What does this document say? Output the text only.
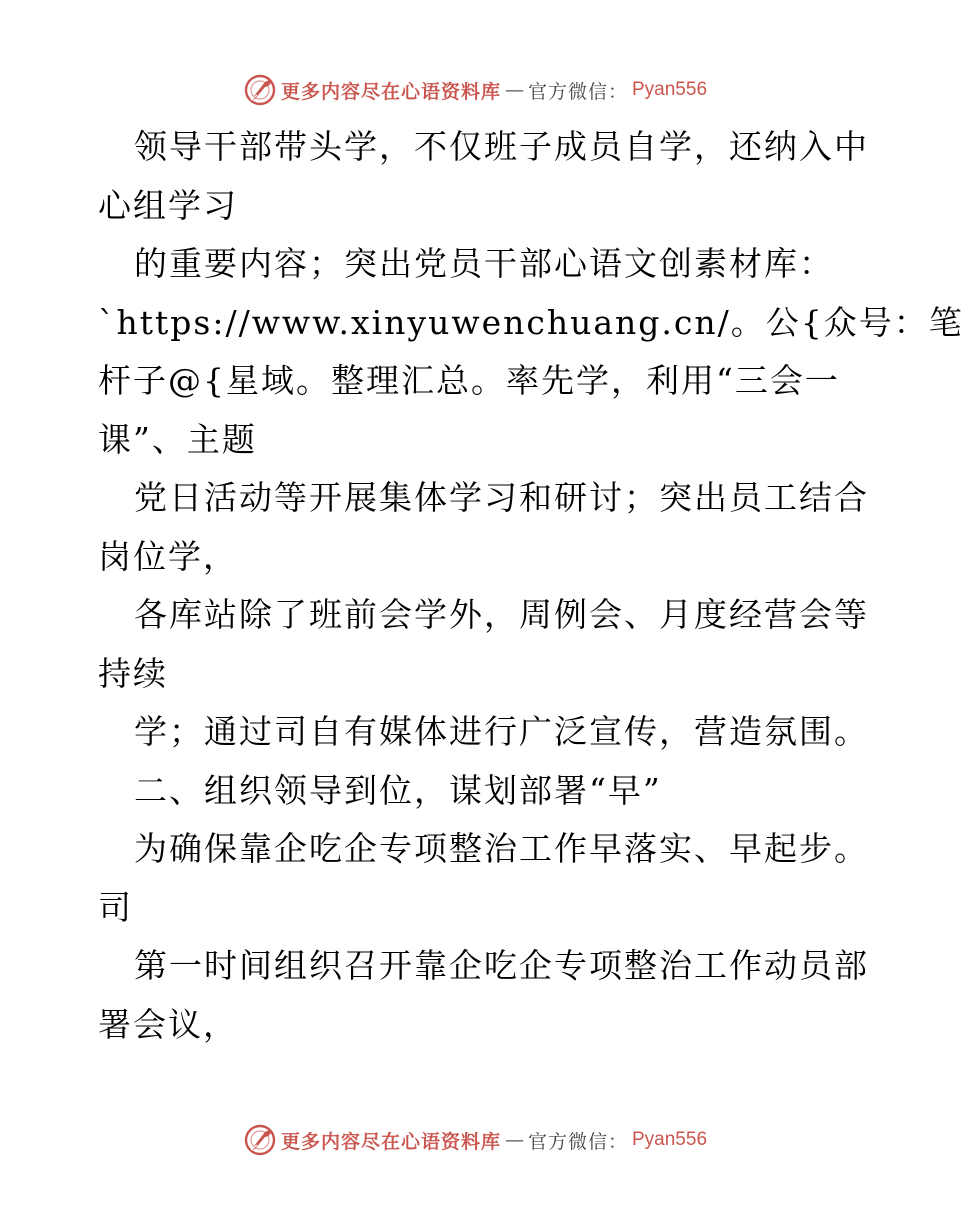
更多内容尽在心语资料库 — 官方微信： Pyan556
领导干部带头学，不仅班子成员自学，还纳入中
心组学习
的重要内容；突出党员干部心语文创素材库：
`https://www.xinyuwenchuang.cn/。公{众号：笔
杆子@{星域。整理汇总。率先学，利用“三会一
课”、主题
党日活动等开展集体学习和研讨；突出员工结合
岗位学，
各库站除了班前会学外，周例会、月度经营会等
持续
学；通过司自有媒体进行广泛宣传，营造氛围。
二、组织领导到位，谋划部署“早”
为确保靠企吃企专项整治工作早落实、早起步。
司
第一时间组织召开靠企吃企专项整治工作动员部
署会议，
更多内容尽在心语资料库 — 官方微信： Pyan556
